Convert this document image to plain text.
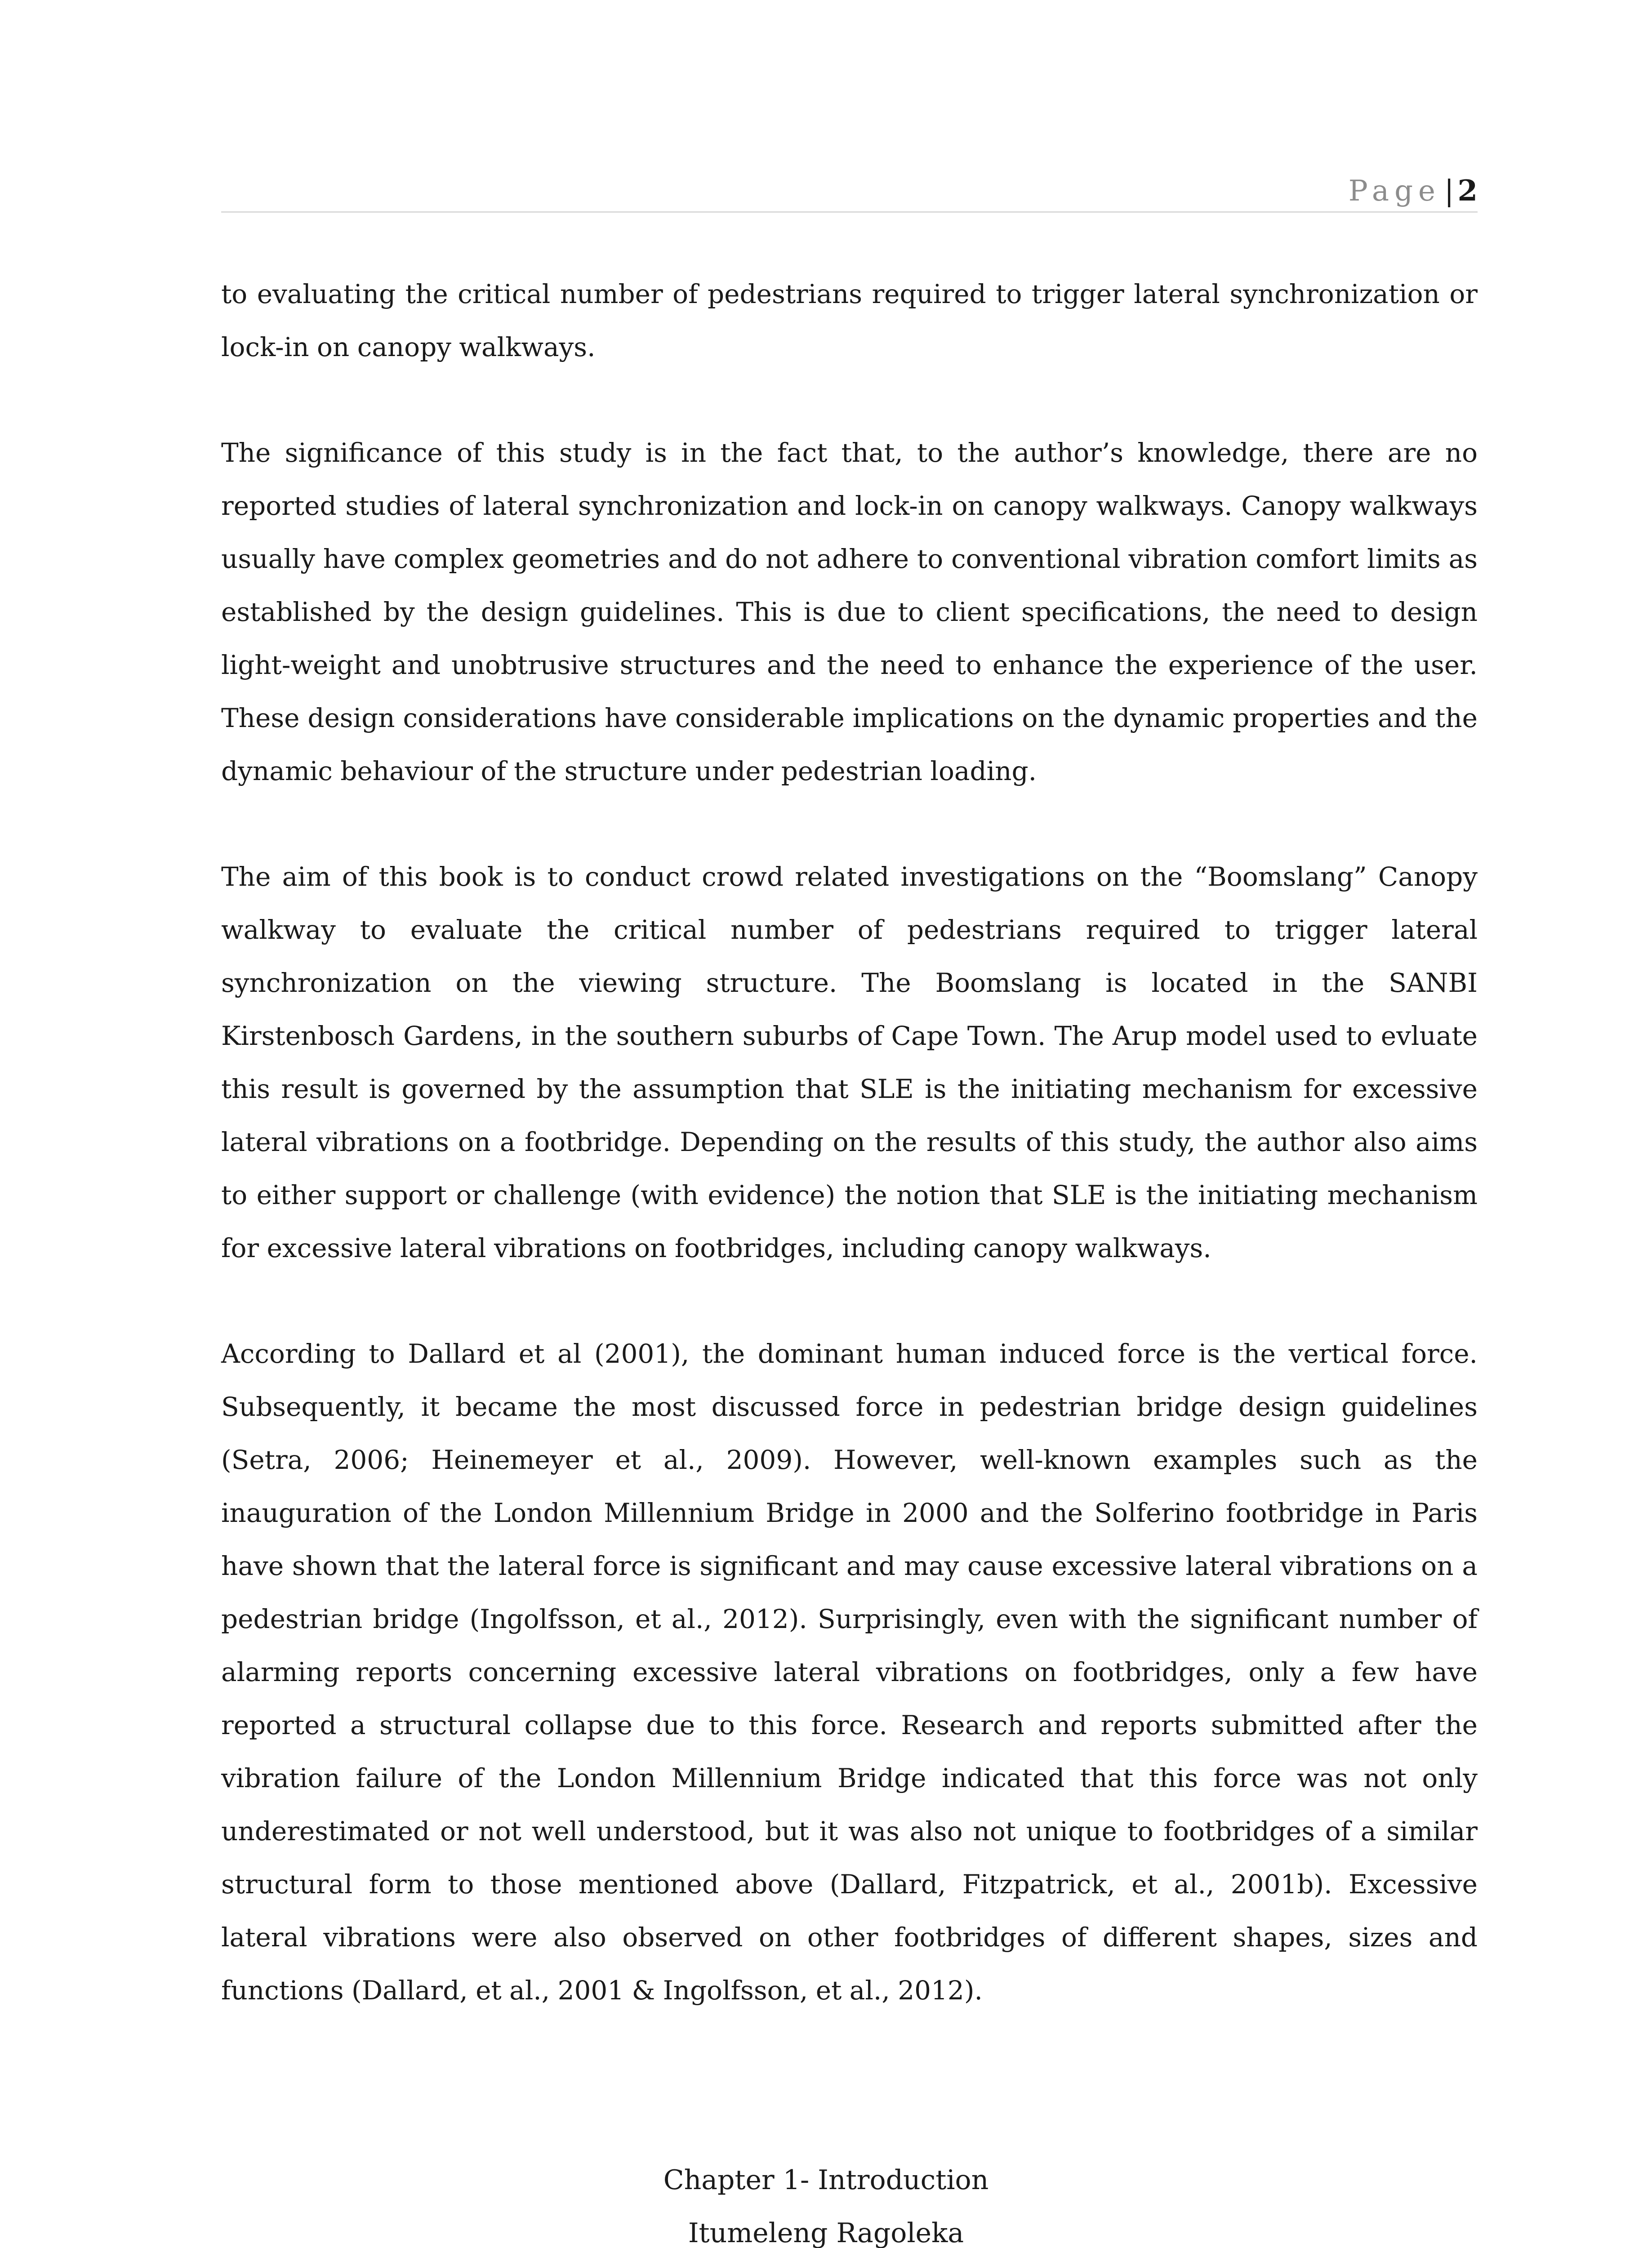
Page | 2

to evaluating the critical number of pedestrians required to trigger lateral synchronization or lock-in on canopy walkways.

The significance of this study is in the fact that, to the author’s knowledge, there are no reported studies of lateral synchronization and lock-in on canopy walkways. Canopy walkways usually have complex geometries and do not adhere to conventional vibration comfort limits as established by the design guidelines. This is due to client specifications, the need to design light-weight and unobtrusive structures and the need to enhance the experience of the user. These design considerations have considerable implications on the dynamic properties and the dynamic behaviour of the structure under pedestrian loading.

The aim of this book is to conduct crowd related investigations on the “Boomslang” Canopy walkway to evaluate the critical number of pedestrians required to trigger lateral synchronization on the viewing structure. The Boomslang is located in the SANBI Kirstenbosch Gardens, in the southern suburbs of Cape Town. The Arup model used to evluate this result is governed by the assumption that SLE is the initiating mechanism for excessive lateral vibrations on a footbridge. Depending on the results of this study, the author also aims to either support or challenge (with evidence) the notion that SLE is the initiating mechanism for excessive lateral vibrations on footbridges, including canopy walkways.

According to Dallard et al (2001), the dominant human induced force is the vertical force. Subsequently, it became the most discussed force in pedestrian bridge design guidelines (Setra, 2006; Heinemeyer et al., 2009). However, well-known examples such as the inauguration of the London Millennium Bridge in 2000 and the Solferino footbridge in Paris have shown that the lateral force is significant and may cause excessive lateral vibrations on a pedestrian bridge (Ingolfsson, et al., 2012). Surprisingly, even with the significant number of alarming reports concerning excessive lateral vibrations on footbridges, only a few have reported a structural collapse due to this force. Research and reports submitted after the vibration failure of the London Millennium Bridge indicated that this force was not only underestimated or not well understood, but it was also not unique to footbridges of a similar structural form to those mentioned above (Dallard, Fitzpatrick, et al., 2001b). Excessive lateral vibrations were also observed on other footbridges of different shapes, sizes and functions (Dallard, et al., 2001 & Ingolfsson, et al., 2012).

Chapter 1- Introduction
Itumeleng Ragoleka
